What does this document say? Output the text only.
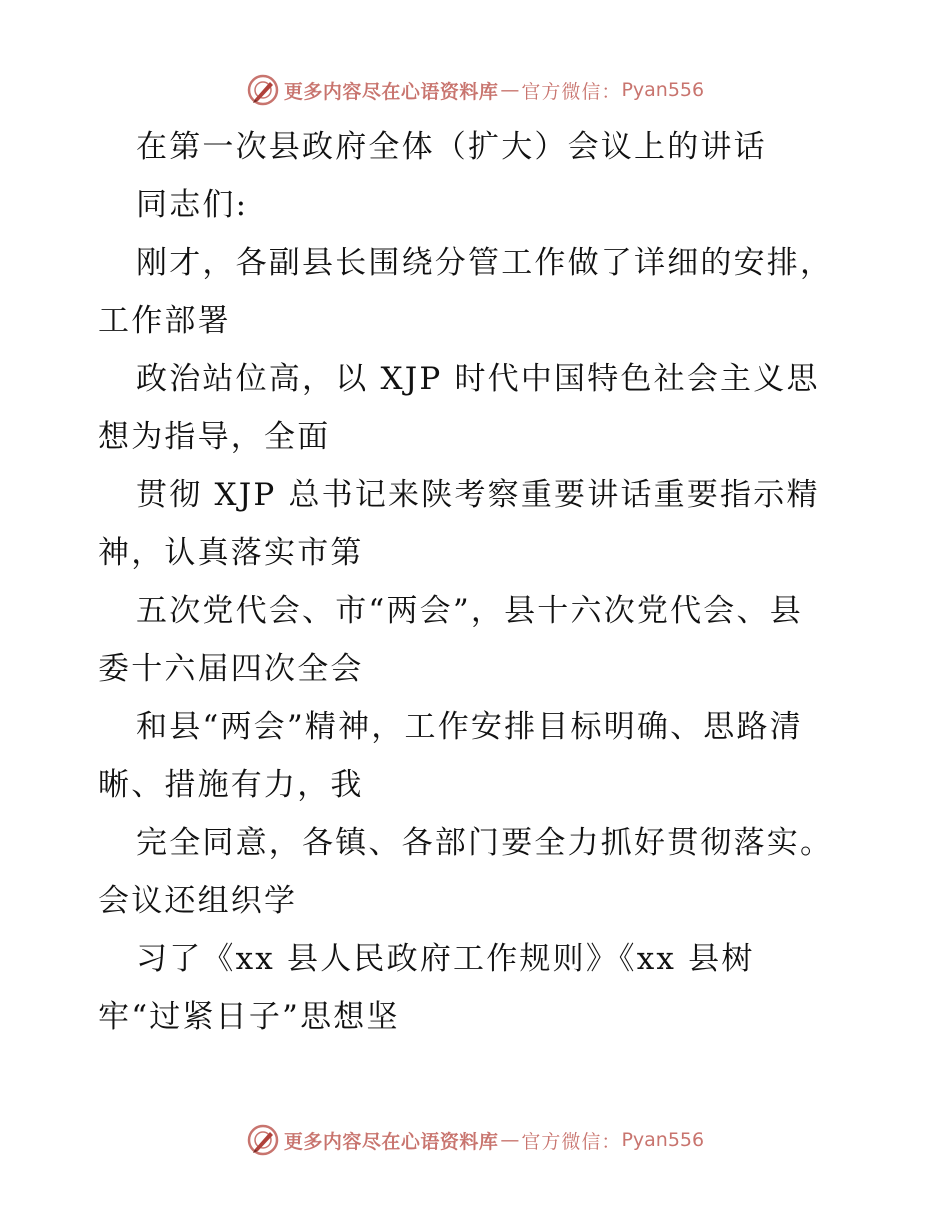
更多内容尽在心语资料库 — 官方微信： Pyan556
在第一次县政府全体（扩大）会议上的讲话
同志们:
刚才，各副县长围绕分管工作做了详细的安排，
工作部署
政治站位高，以 XJP 时代中国特色社会主义思
想为指导，全面
贯彻 XJP 总书记来陕考察重要讲话重要指示精
神，认真落实市第
五次党代会、市“两会”，县十六次党代会、县
委十六届四次全会
和县“两会”精神，工作安排目标明确、思路清
晰、措施有力，我
完全同意，各镇、各部门要全力抓好贯彻落实。
会议还组织学
习了《xx 县人民政府工作规则》《xx 县树
牢“过紧日子”思想坚
更多内容尽在心语资料库 — 官方微信： Pyan556
